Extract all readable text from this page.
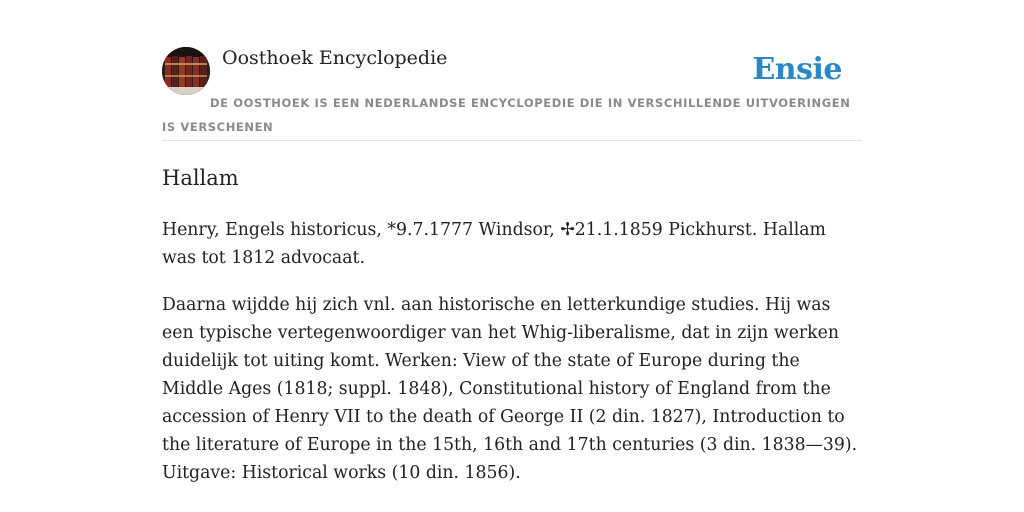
Oosthoek Encyclopedie	Ensie
DE OOSTHOEK IS EEN NEDERLANDSE ENCYCLOPEDIE DIE IN VERSCHILLENDE UITVOERINGEN IS VERSCHENEN
Hallam

Henry, Engels historicus, *9.7.1777 Windsor, ✢21.1.1859 Pickhurst. Hallam was tot 1812 advocaat.

Daarna wijdde hij zich vnl. aan historische en letterkundige studies. Hij was een typische vertegenwoordiger van het Whig-liberalisme, dat in zijn werken duidelijk tot uiting komt. Werken: View of the state of Europe during the Middle Ages (1818; suppl. 1848), Constitutional history of England from the accession of Henry VII to the death of George II (2 din. 1827), Introduction to the literature of Europe in the 15th, 16th and 17th centuries (3 din. 1838—39). Uitgave: Historical works (10 din. 1856).
